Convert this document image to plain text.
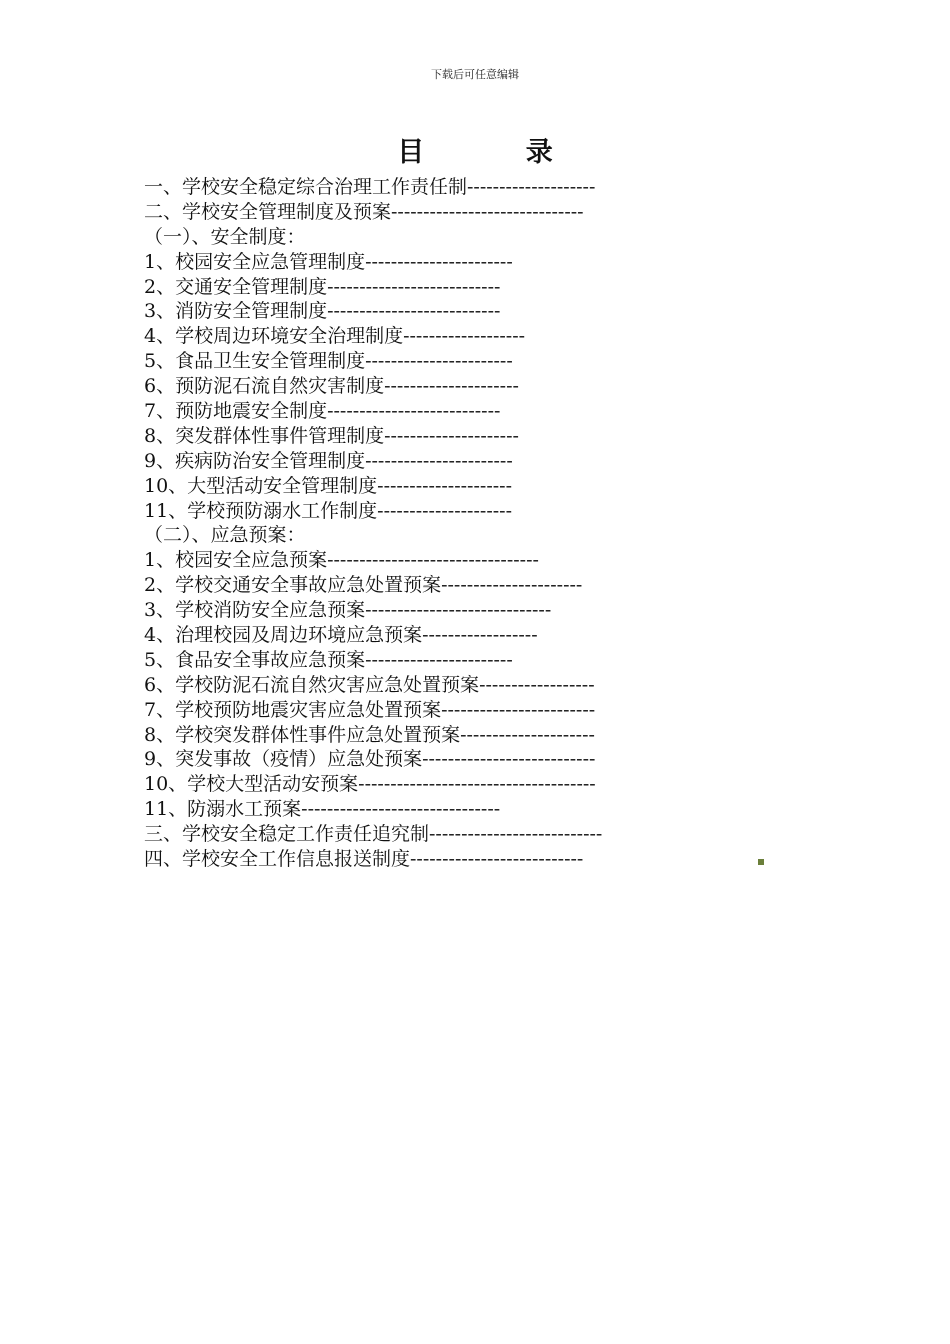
下载后可任意编辑
目 录
一、学校安全稳定综合治理工作责任制--------------------
二、学校安全管理制度及预案------------------------------
（一）、安全制度：
1、校园安全应急管理制度-----------------------
2、交通安全管理制度---------------------------
3、消防安全管理制度---------------------------
4、学校周边环境安全治理制度-------------------
5、食品卫生安全管理制度-----------------------
6、预防泥石流自然灾害制度---------------------
7、预防地震安全制度---------------------------
8、突发群体性事件管理制度---------------------
9、疾病防治安全管理制度-----------------------
10、大型活动安全管理制度---------------------
11、学校预防溺水工作制度---------------------
（二）、应急预案：
1、校园安全应急预案---------------------------------
2、学校交通安全事故应急处置预案----------------------
3、学校消防安全应急预案-----------------------------
4、治理校园及周边环境应急预案------------------
5、食品安全事故应急预案-----------------------
6、学校防泥石流自然灾害应急处置预案------------------
7、学校预防地震灾害应急处置预案------------------------
8、学校突发群体性事件应急处置预案---------------------
9、突发事故（疫情）应急处预案---------------------------
10、学校大型活动安预案-------------------------------------
11、防溺水工预案-------------------------------
三、学校安全稳定工作责任追究制---------------------------
四、学校安全工作信息报送制度---------------------------
